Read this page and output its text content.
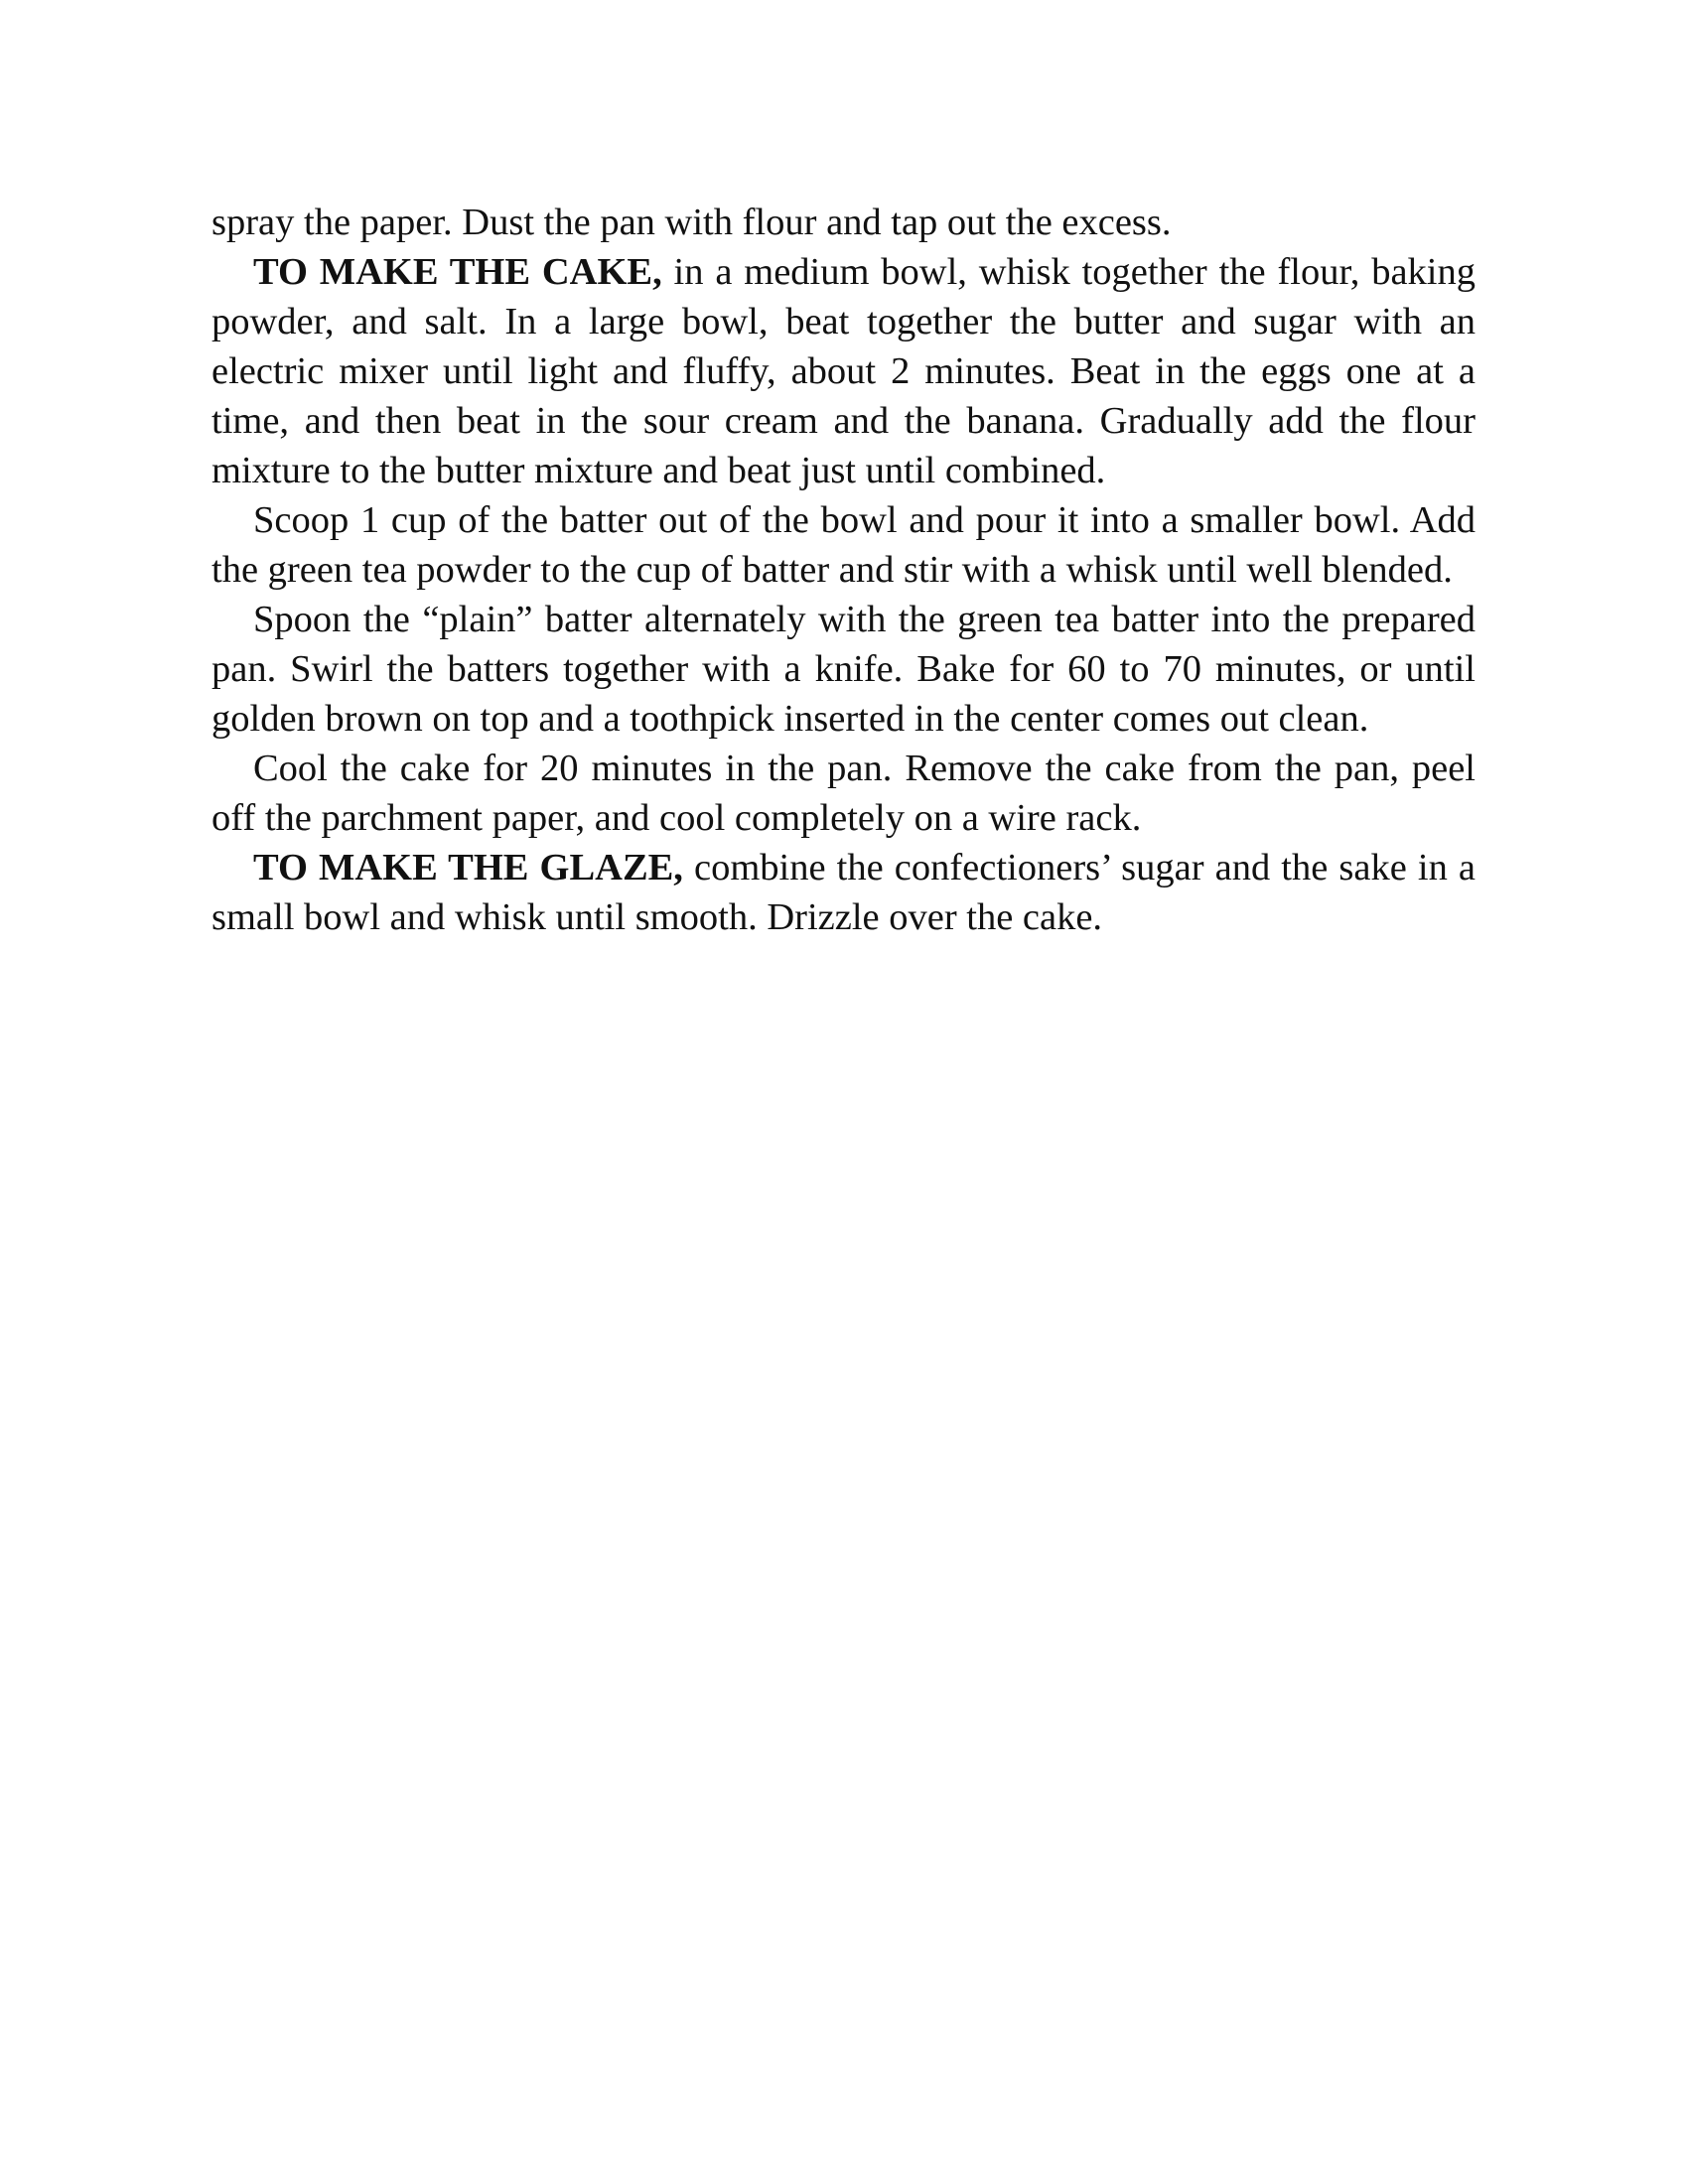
spray the paper. Dust the pan with flour and tap out the excess.

TO MAKE THE CAKE, in a medium bowl, whisk together the flour, baking powder, and salt. In a large bowl, beat together the butter and sugar with an electric mixer until light and fluffy, about 2 minutes. Beat in the eggs one at a time, and then beat in the sour cream and the banana. Gradually add the flour mixture to the butter mixture and beat just until combined.

Scoop 1 cup of the batter out of the bowl and pour it into a smaller bowl. Add the green tea powder to the cup of batter and stir with a whisk until well blended.

Spoon the “plain” batter alternately with the green tea batter into the prepared pan. Swirl the batters together with a knife. Bake for 60 to 70 minutes, or until golden brown on top and a toothpick inserted in the center comes out clean.

Cool the cake for 20 minutes in the pan. Remove the cake from the pan, peel off the parchment paper, and cool completely on a wire rack.

TO MAKE THE GLAZE, combine the confectioners’ sugar and the sake in a small bowl and whisk until smooth. Drizzle over the cake.
